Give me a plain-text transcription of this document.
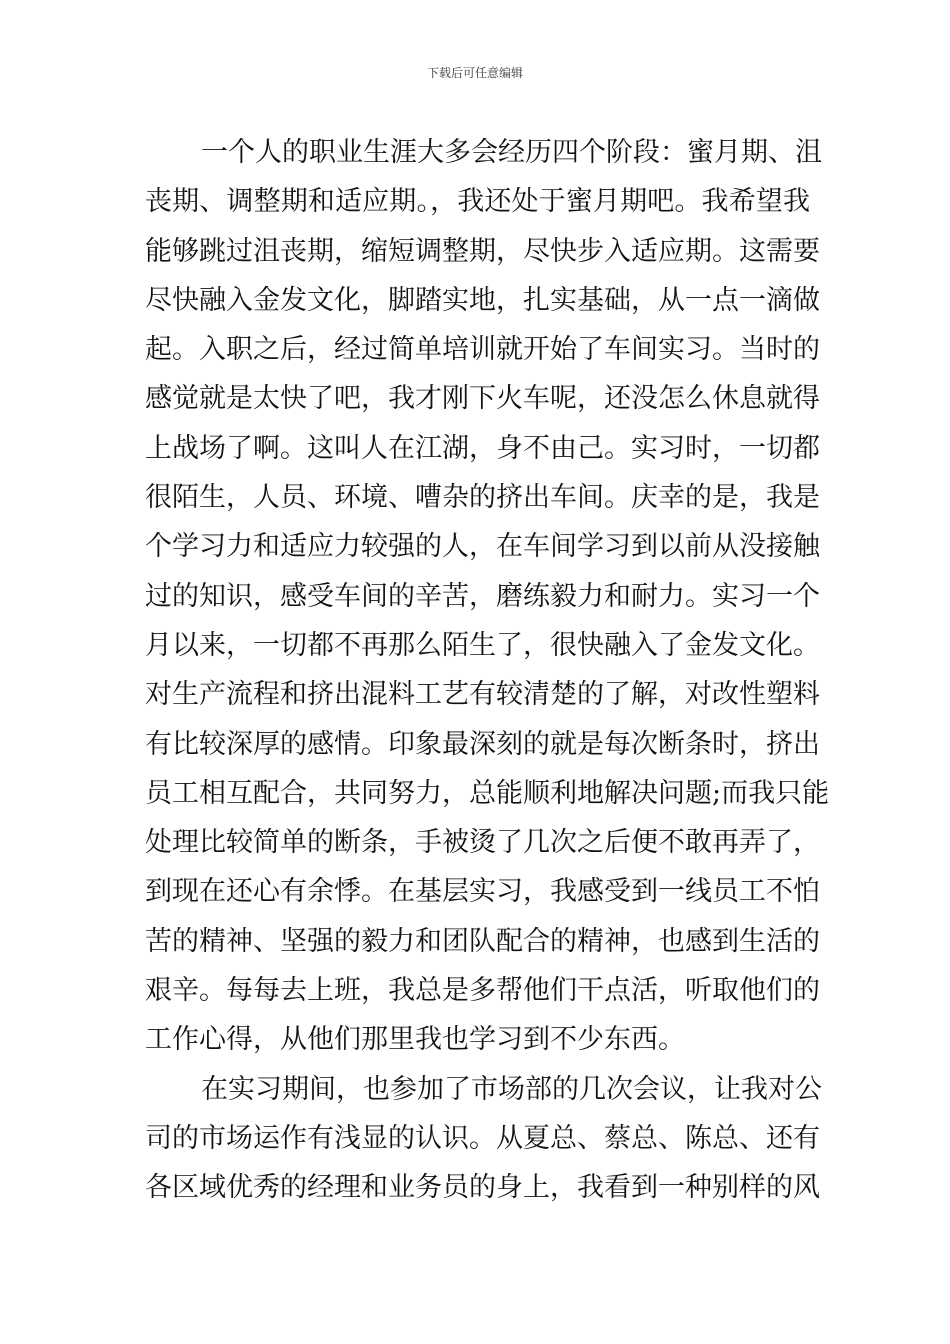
下载后可任意编辑
一个人的职业生涯大多会经历四个阶段：蜜月期、沮
丧期、调整期和适应期。，我还处于蜜月期吧。我希望我
能够跳过沮丧期，缩短调整期，尽快步入适应期。这需要
尽快融入金发文化，脚踏实地，扎实基础，从一点一滴做
起。入职之后，经过简单培训就开始了车间实习。当时的
感觉就是太快了吧，我才刚下火车呢，还没怎么休息就得
上战场了啊。这叫人在江湖，身不由己。实习时，一切都
很陌生，人员、环境、嘈杂的挤出车间。庆幸的是，我是
个学习力和适应力较强的人，在车间学习到以前从没接触
过的知识，感受车间的辛苦，磨练毅力和耐力。实习一个
月以来，一切都不再那么陌生了，很快融入了金发文化。
对生产流程和挤出混料工艺有较清楚的了解，对改性塑料
有比较深厚的感情。印象最深刻的就是每次断条时，挤出
员工相互配合，共同努力，总能顺利地解决问题;而我只能
处理比较简单的断条，手被烫了几次之后便不敢再弄了，
到现在还心有余悸。在基层实习，我感受到一线员工不怕
苦的精神、坚强的毅力和团队配合的精神，也感到生活的
艰辛。每每去上班，我总是多帮他们干点活，听取他们的
工作心得，从他们那里我也学习到不少东西。
在实习期间，也参加了市场部的几次会议，让我对公
司的市场运作有浅显的认识。从夏总、蔡总、陈总、还有
各区域优秀的经理和业务员的身上，我看到一种别样的风
